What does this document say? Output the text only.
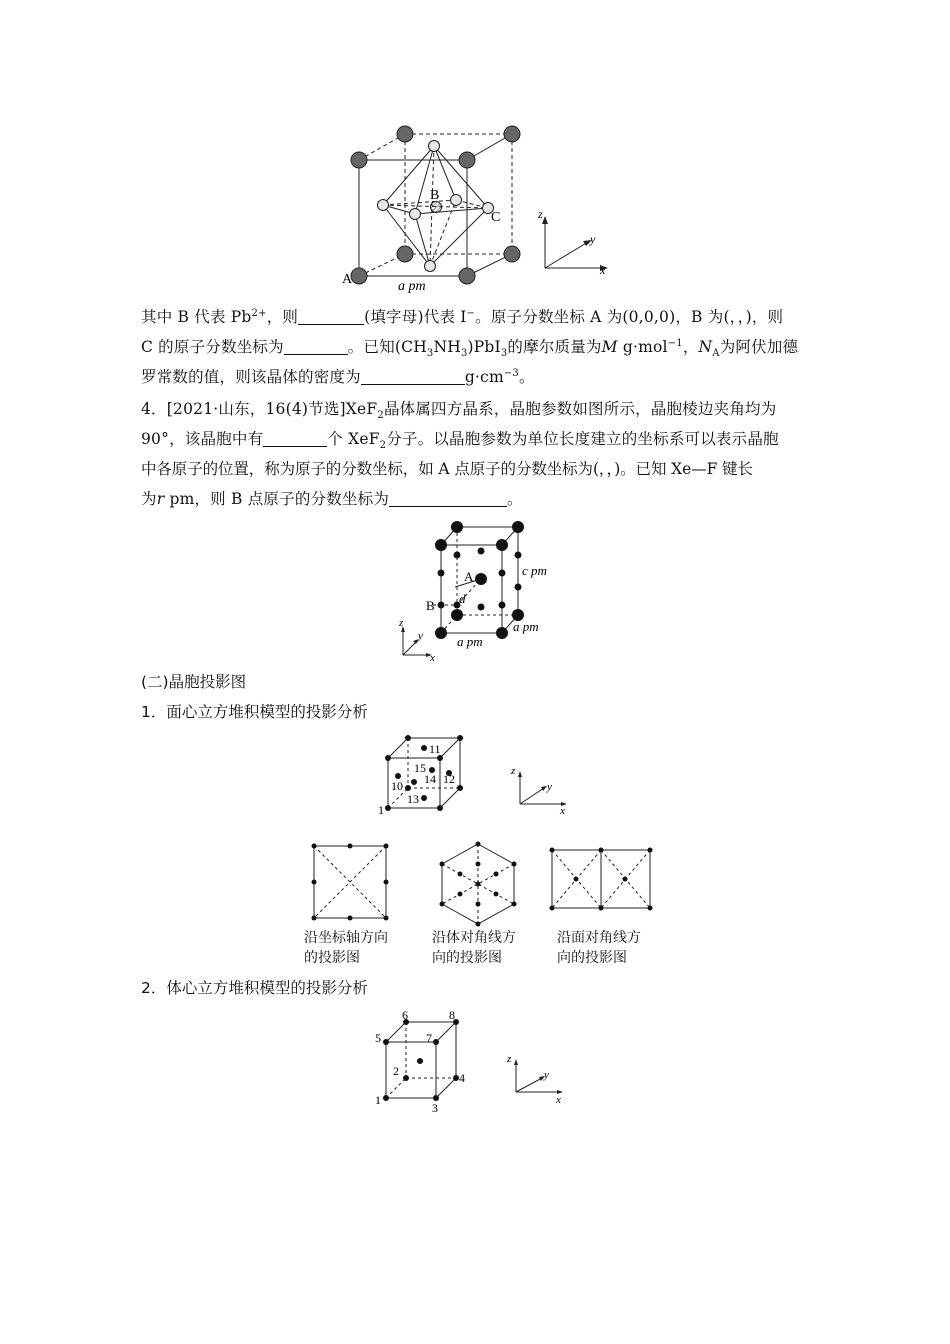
B
C
A	a pm
z
y
x
其中 B 代表 $Pb^{2+}$，则	(填字母)代表 I−。原子分数坐标 A 为(0,0,0)，B 为(，，)，则
C 的原子分数坐标为	。已知$(CH_3NH_3)PbI_3$的摩尔质量为M g·mol$^{-1}$，$N_A$为阿伏加德
罗常数的值，则该晶体的密度为	$g\cdot cm^{-3}$。
4．[2021·山东，16(4)节选]XeF$_2$晶体属四方晶系，晶胞参数如图所示，晶胞棱边夹角均为
90°，该晶胞中有	个 XeF$_2$分子。以晶胞参数为单位长度建立的坐标系可以表示晶胞
中各原子的位置，称为原子的分数坐标，如 A 点原子的分数坐标为(，，)。已知 Xe—F 键长
为r pm，则 B 点原子的分数坐标为	。
A
d
B
c pm
a pm
a pm
z
y
x
(二)晶胞投影图
1．面心立方堆积模型的投影分析
11
15
14 12
10
13
1
z
y
x
沿坐标轴方向
的投影图
沿体对角线方
向的投影图
沿面对角线方
向的投影图
2．体心立方堆积模型的投影分析
6	8
5	7
2	4
1
3
z
y
x
